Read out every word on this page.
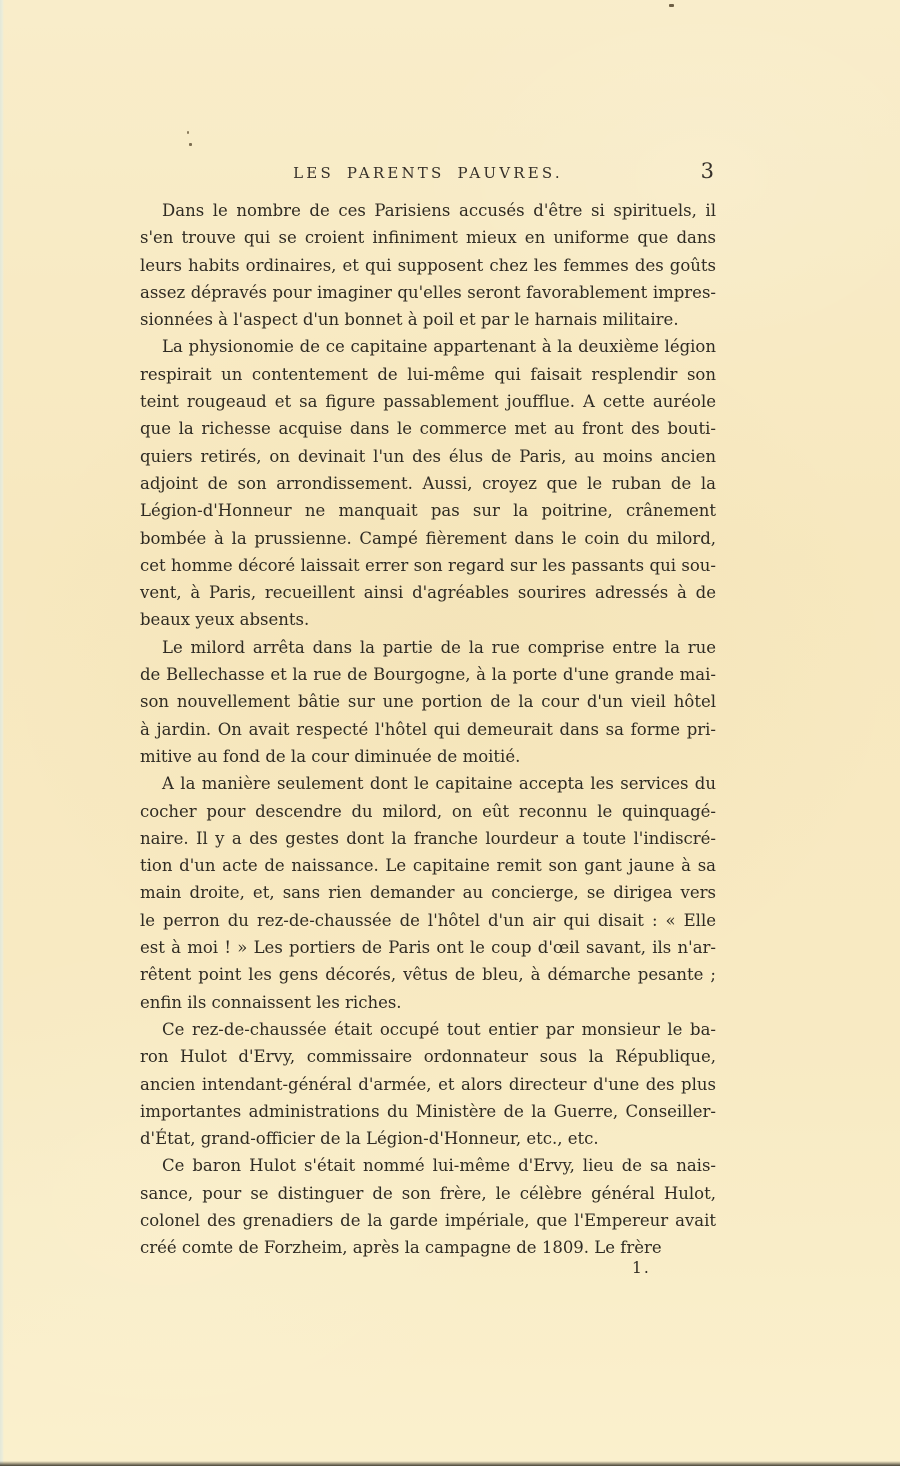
LES PARENTS PAUVRES.	3

Dans le nombre de ces Parisiens accusés d'être si spirituels, il
s'en trouve qui se croient infiniment mieux en uniforme que dans
leurs habits ordinaires, et qui supposent chez les femmes des goûts
assez dépravés pour imaginer qu'elles seront favorablement impres-
sionnées à l'aspect d'un bonnet à poil et par le harnais militaire.

La physionomie de ce capitaine appartenant à la deuxième légion
respirait un contentement de lui-même qui faisait resplendir son
teint rougeaud et sa figure passablement joufflue. A cette auréole
que la richesse acquise dans le commerce met au front des bouti-
quiers retirés, on devinait l'un des élus de Paris, au moins ancien
adjoint de son arrondissement. Aussi, croyez que le ruban de la
Légion-d'Honneur ne manquait pas sur la poitrine, crânement
bombée à la prussienne. Campé fièrement dans le coin du milord,
cet homme décoré laissait errer son regard sur les passants qui sou-
vent, à Paris, recueillent ainsi d'agréables sourires adressés à de
beaux yeux absents.

Le milord arrêta dans la partie de la rue comprise entre la rue
de Bellechasse et la rue de Bourgogne, à la porte d'une grande mai-
son nouvellement bâtie sur une portion de la cour d'un vieil hôtel
à jardin. On avait respecté l'hôtel qui demeurait dans sa forme pri-
mitive au fond de la cour diminuée de moitié.

A la manière seulement dont le capitaine accepta les services du
cocher pour descendre du milord, on eût reconnu le quinquagé-
naire. Il y a des gestes dont la franche lourdeur a toute l'indiscré-
tion d'un acte de naissance. Le capitaine remit son gant jaune à sa
main droite, et, sans rien demander au concierge, se dirigea vers
le perron du rez-de-chaussée de l'hôtel d'un air qui disait : « Elle
est à moi ! » Les portiers de Paris ont le coup d'œil savant, ils n'ar-
rêtent point les gens décorés, vêtus de bleu, à démarche pesante ;
enfin ils connaissent les riches.

Ce rez-de-chaussée était occupé tout entier par monsieur le ba-
ron Hulot d'Ervy, commissaire ordonnateur sous la République,
ancien intendant-général d'armée, et alors directeur d'une des plus
importantes administrations du Ministère de la Guerre, Conseiller-
d'État, grand-officier de la Légion-d'Honneur, etc., etc.

Ce baron Hulot s'était nommé lui-même d'Ervy, lieu de sa nais-
sance, pour se distinguer de son frère, le célèbre général Hulot,
colonel des grenadiers de la garde impériale, que l'Empereur avait
créé comte de Forzheim, après la campagne de 1809. Le frère

1.
